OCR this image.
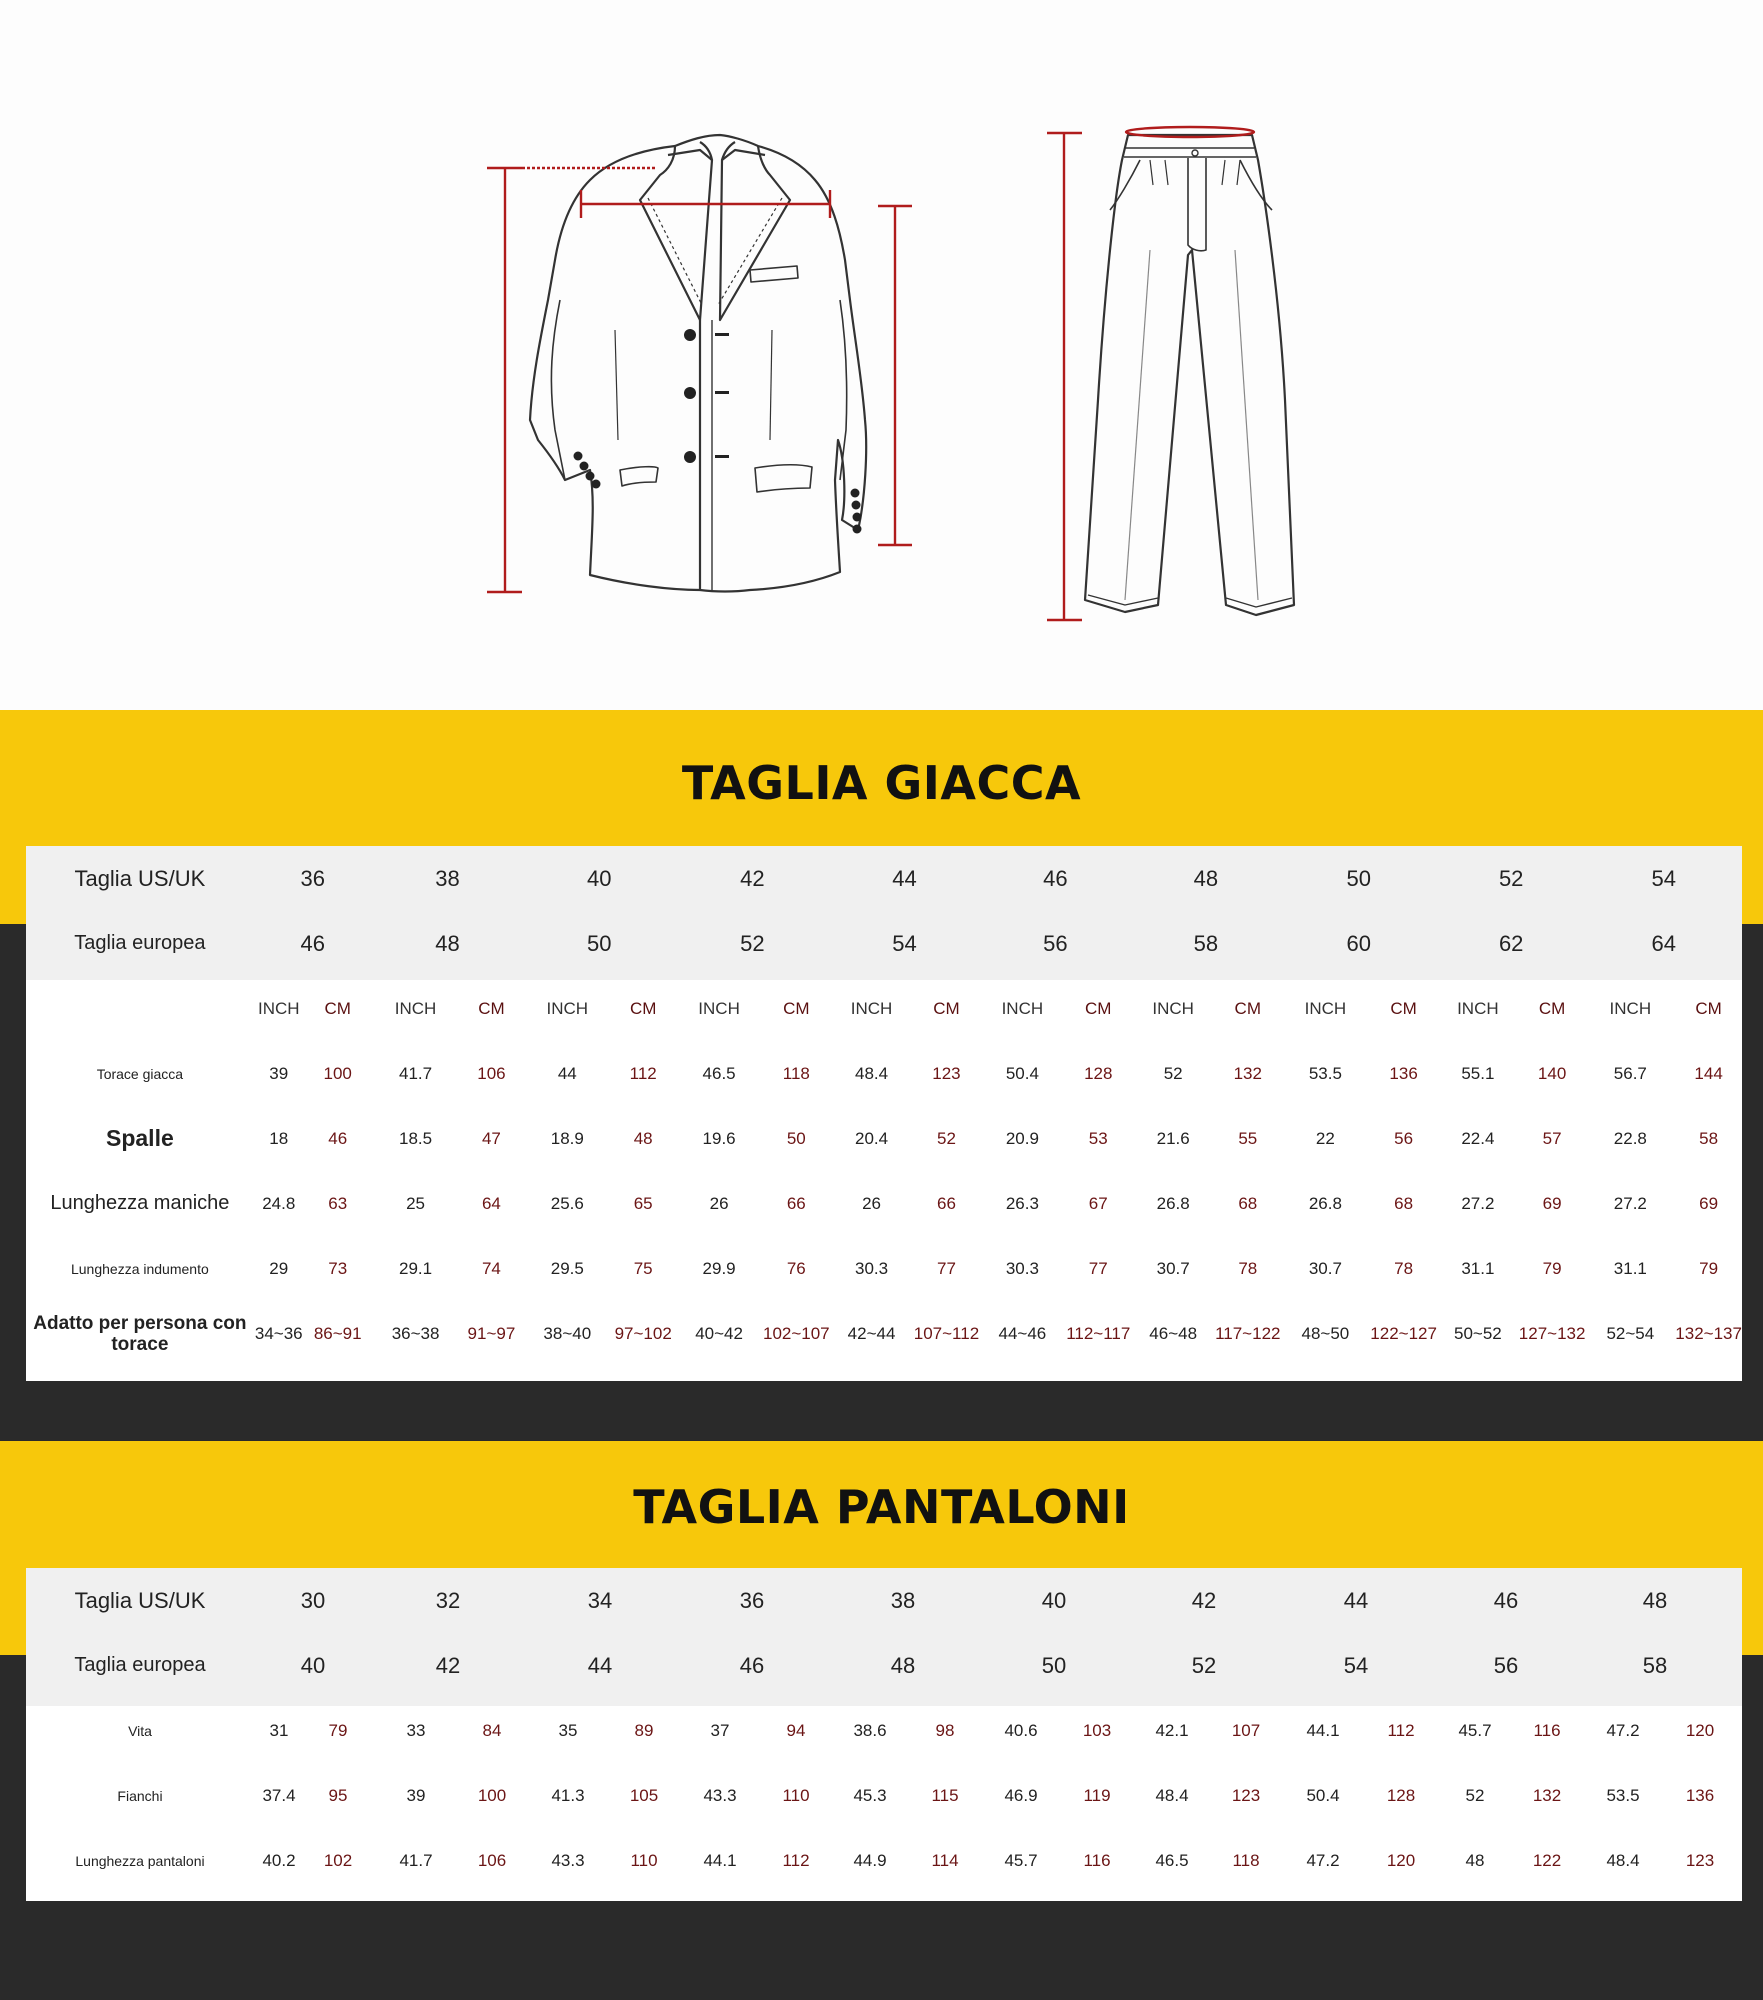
TAGLIA GIACCA
TAGLIA PANTALONI
Taglia US/UK	36		38		40		42		44		46		48		50		52		54	
Taglia europea	46		48		50		52		54		56		58		60		62		64	
	INCH	CM	INCH	CM	INCH	CM	INCH	CM	INCH	CM	INCH	CM	INCH	CM	INCH	CM	INCH	CM	INCH	CM
Torace giacca	39	100	41.7	106	44	112	46.5	118	48.4	123	50.4	128	52	132	53.5	136	55.1	140	56.7	144
Spalle	18	46	18.5	47	18.9	48	19.6	50	20.4	52	20.9	53	21.6	55	22	56	22.4	57	22.8	58
Lunghezza maniche	24.8	63	25	64	25.6	65	26	66	26	66	26.3	67	26.8	68	26.8	68	27.2	69	27.2	69
Lunghezza indumento	29	73	29.1	74	29.5	75	29.9	76	30.3	77	30.3	77	30.7	78	30.7	78	31.1	79	31.1	79
Adatto per persona con torace	34~36	86~91	36~38	91~97	38~40	97~102	40~42	102~107	42~44	107~112	44~46	112~117	46~48	117~122	48~50	122~127	50~52	127~132	52~54	132~137
Taglia US/UK	30		32		34		36		38		40		42		44		46		48	
Taglia europea	40		42		44		46		48		50		52		54		56		58	
Vita	31	79	33	84	35	89	37	94	38.6	98	40.6	103	42.1	107	44.1	112	45.7	116	47.2	120
Fianchi	37.4	95	39	100	41.3	105	43.3	110	45.3	115	46.9	119	48.4	123	50.4	128	52	132	53.5	136
Lunghezza pantaloni	40.2	102	41.7	106	43.3	110	44.1	112	44.9	114	45.7	116	46.5	118	47.2	120	48	122	48.4	123
